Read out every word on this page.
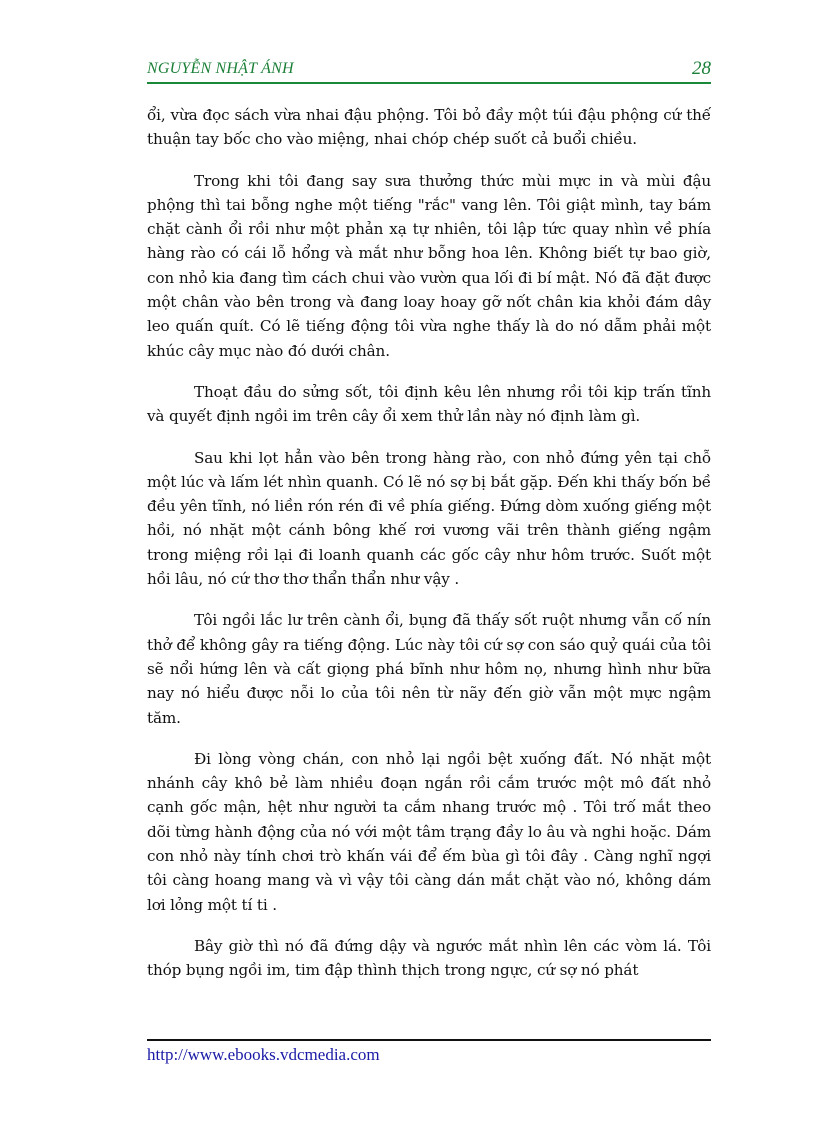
NGUYỄN NHẬT ÁNH	28

ổi, vừa đọc sách vừa nhai đậu phộng. Tôi bỏ đầy một túi đậu phộng cứ thế thuận tay bốc cho vào miệng, nhai chóp chép suốt cả buổi chiều.

Trong khi tôi đang say sưa thưởng thức mùi mực in và mùi đậu phộng thì tai bỗng nghe một tiếng "rắc" vang lên. Tôi giật mình, tay bám chặt cành ổi rồi như một phản xạ tự nhiên, tôi lập tức quay nhìn về phía hàng rào có cái lỗ hổng và mắt như bỗng hoa lên. Không biết tự bao giờ, con nhỏ kia đang tìm cách chui vào vườn qua lối đi bí mật. Nó đã đặt được một chân vào bên trong và đang loay hoay gỡ nốt chân kia khỏi đám dây leo quấn quít. Có lẽ tiếng động tôi vừa nghe thấy là do nó dẫm phải một khúc cây mục nào đó dưới chân.

Thoạt đầu do sửng sốt, tôi định kêu lên nhưng rồi tôi kịp trấn tĩnh và quyết định ngồi im trên cây ổi xem thử lần này nó định làm gì.

Sau khi lọt hẳn vào bên trong hàng rào, con nhỏ đứng yên tại chỗ một lúc và lấm lét nhìn quanh. Có lẽ nó sợ bị bắt gặp. Đến khi thấy bốn bề đều yên tĩnh, nó liền rón rén đi về phía giếng. Đứng dòm xuống giếng một hồi, nó nhặt một cánh bông khế rơi vương vãi trên thành giếng ngậm trong miệng rồi lại đi loanh quanh các gốc cây như hôm trước. Suốt một hồi lâu, nó cứ thơ thơ thẩn thẩn như vậy .

Tôi ngồi lắc lư trên cành ổi, bụng đã thấy sốt ruột nhưng vẫn cố nín thở để không gây ra tiếng động. Lúc này tôi cứ sợ con sáo quỷ quái của tôi sẽ nổi hứng lên và cất giọng phá bĩnh như hôm nọ, nhưng hình như bữa nay nó hiểu được nỗi lo của tôi nên từ nãy đến giờ vẫn một mực ngậm tăm.

Đi lòng vòng chán, con nhỏ lại ngồi bệt xuống đất. Nó nhặt một nhánh cây khô bẻ làm nhiều đoạn ngắn rồi cắm trước một mô đất nhỏ cạnh gốc mận, hệt như người ta cắm nhang trước mộ . Tôi trố mắt theo dõi từng hành động của nó với một tâm trạng đầy lo âu và nghi hoặc. Dám con nhỏ này tính chơi trò khấn vái để ếm bùa gì tôi đây . Càng nghĩ ngợi tôi càng hoang mang và vì vậy tôi càng dán mắt chặt vào nó, không dám lơi lỏng một tí ti .

Bây giờ thì nó đã đứng dậy và ngước mắt nhìn lên các vòm lá. Tôi thóp bụng ngồi im, tim đập thình thịch trong ngực, cứ sợ nó phát

http://www.ebooks.vdcmedia.com
